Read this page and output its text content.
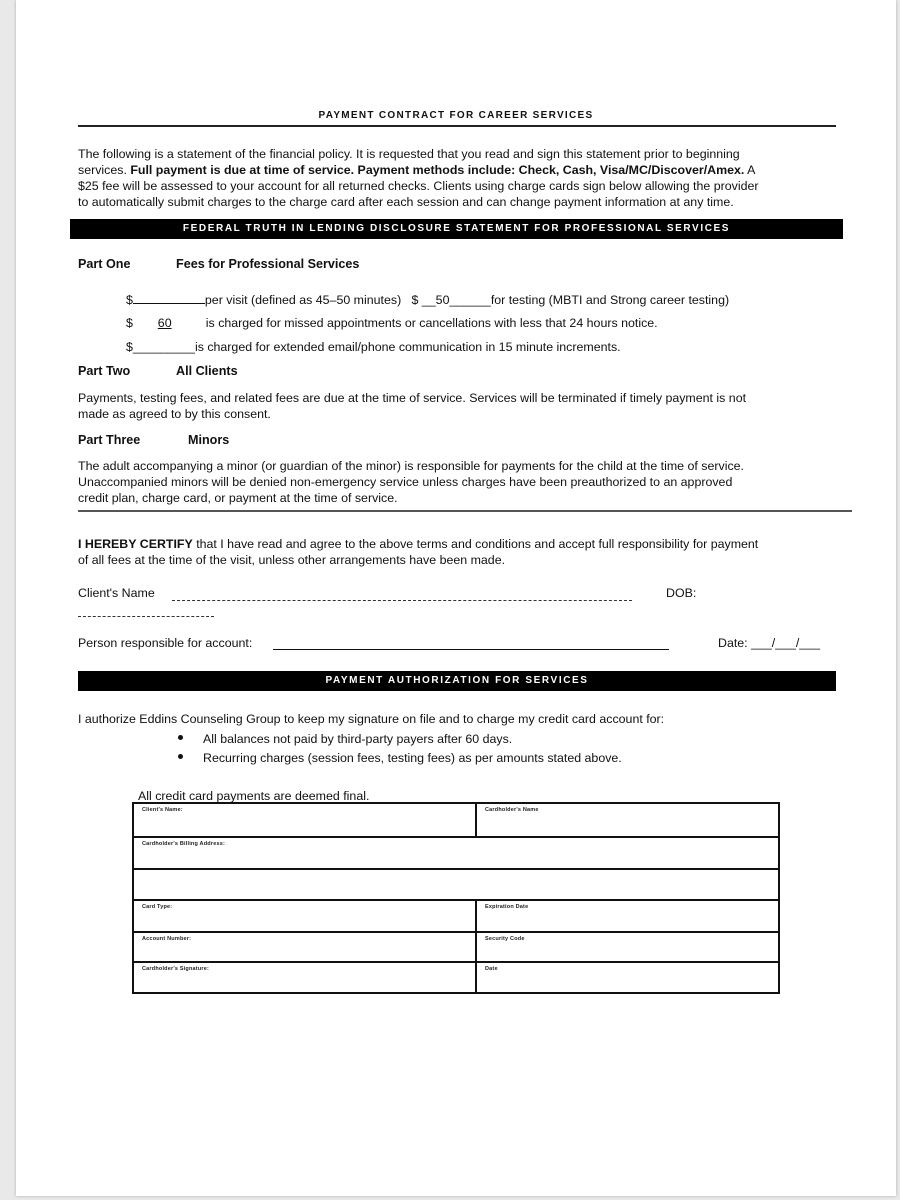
PAYMENT CONTRACT FOR CAREER SERVICES
The following is a statement of the financial policy. It is requested that you read and sign this statement prior to beginning
services. Full payment is due at time of service. Payment methods include: Check, Cash, Visa/MC/Discover/Amex. A
$25 fee will be assessed to your account for all returned checks. Clients using charge cards sign below allowing the provider
to automatically submit charges to the charge card after each session and can change payment information at any time.
FEDERAL TRUTH IN LENDING DISCLOSURE STATEMENT FOR PROFESSIONAL SERVICES
Part One	Fees for Professional Services
$	per visit (defined as 45–50 minutes) $ __50______for testing (MBTI and Strong career testing)
$ 60	is charged for missed appointments or cancellations with less that 24 hours notice.
$_________is charged for extended email/phone communication in 15 minute increments.
Part Two	All Clients
Payments, testing fees, and related fees are due at the time of service. Services will be terminated if timely payment is not
made as agreed to by this consent.
Part Three	Minors
The adult accompanying a minor (or guardian of the minor) is responsible for payments for the child at the time of service.
Unaccompanied minors will be denied non-emergency service unless charges have been preauthorized to an approved
credit plan, charge card, or payment at the time of service.
I HEREBY CERTIFY that I have read and agree to the above terms and conditions and accept full responsibility for payment
of all fees at the time of the visit, unless other arrangements have been made.
Client's Name	DOB:
Person responsible for account:	Date: ___/___/___
PAYMENT AUTHORIZATION FOR SERVICES
I authorize Eddins Counseling Group to keep my signature on file and to charge my credit card account for:
All balances not paid by third-party payers after 60 days.
Recurring charges (session fees, testing fees) as per amounts stated above.
All credit card payments are deemed final.
Client's Name:	Cardholder's Name
Cardholder's Billing Address:
Card Type:	Expiration Date
Account Number:	Security Code
Cardholder's Signature:	Date
